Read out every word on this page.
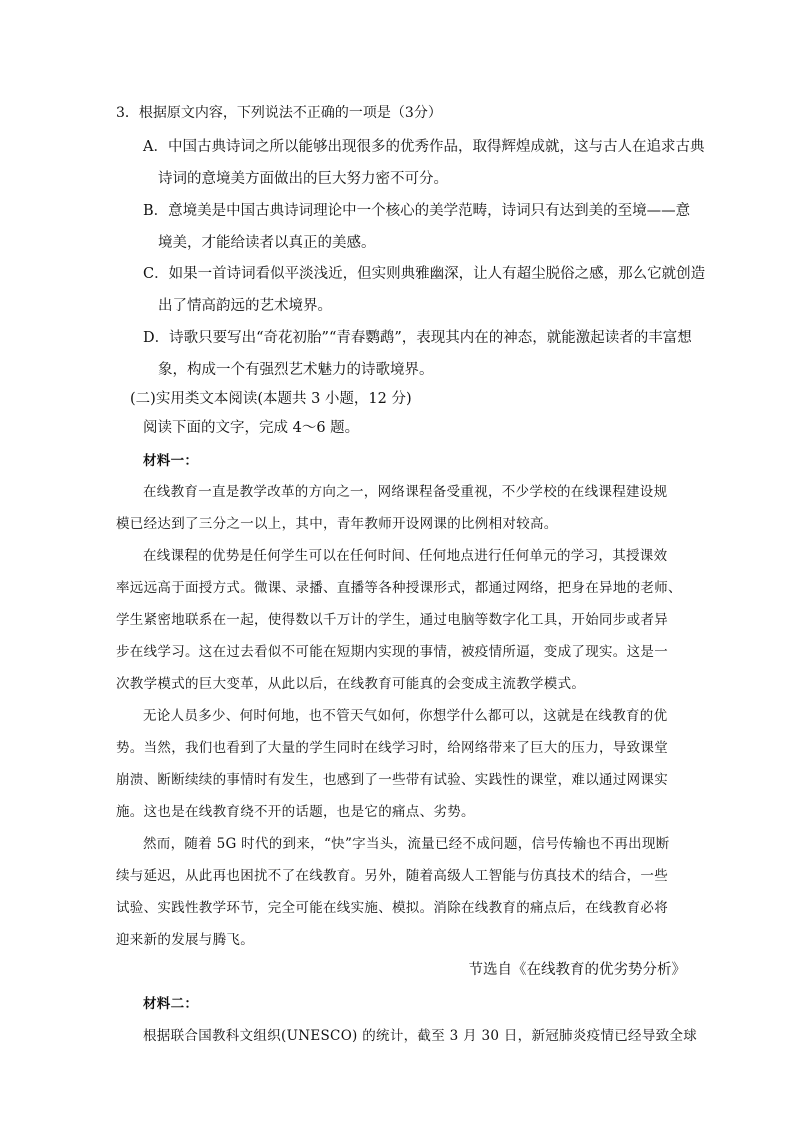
3．根据原文内容，下列说法不正确的一项是（3分）
A．中国古典诗词之所以能够出现很多的优秀作品，取得辉煌成就，这与古人在追求古典
诗词的意境美方面做出的巨大努力密不可分。
B．意境美是中国古典诗词理论中一个核心的美学范畴，诗词只有达到美的至境——意
境美，才能给读者以真正的美感。
C．如果一首诗词看似平淡浅近，但实则典雅幽深，让人有超尘脱俗之感，那么它就创造
出了情高韵远的艺术境界。
D．诗歌只要写出“奇花初胎”“青春鹦鹉”，表现其内在的神态，就能激起读者的丰富想
象，构成一个有强烈艺术魅力的诗歌境界。
(二)实用类文本阅读(本题共 3 小题，12 分)
阅读下面的文字，完成 4～6 题。
材料一：
在线教育一直是教学改革的方向之一，网络课程备受重视，不少学校的在线课程建设规
模已经达到了三分之一以上，其中，青年教师开设网课的比例相对较高。
在线课程的优势是任何学生可以在任何时间、任何地点进行任何单元的学习，其授课效
率远远高于面授方式。微课、录播、直播等各种授课形式，都通过网络，把身在异地的老师、
学生紧密地联系在一起，使得数以千万计的学生，通过电脑等数字化工具，开始同步或者异
步在线学习。这在过去看似不可能在短期内实现的事情，被疫情所逼，变成了现实。这是一
次教学模式的巨大变革，从此以后，在线教育可能真的会变成主流教学模式。
无论人员多少、何时何地，也不管天气如何，你想学什么都可以，这就是在线教育的优
势。当然，我们也看到了大量的学生同时在线学习时，给网络带来了巨大的压力，导致课堂
崩溃、断断续续的事情时有发生，也感到了一些带有试验、实践性的课堂，难以通过网课实
施。这也是在线教育绕不开的话题，也是它的痛点、劣势。
然而，随着 5G 时代的到来，“快”字当头，流量已经不成问题，信号传输也不再出现断
续与延迟，从此再也困扰不了在线教育。另外，随着高级人工智能与仿真技术的结合，一些
试验、实践性教学环节，完全可能在线实施、模拟。消除在线教育的痛点后，在线教育必将
迎来新的发展与腾飞。
节选自《在线教育的优劣势分析》
材料二：
根据联合国教科文组织(UNESCO) 的统计，截至 3 月 30 日，新冠肺炎疫情已经导致全球
